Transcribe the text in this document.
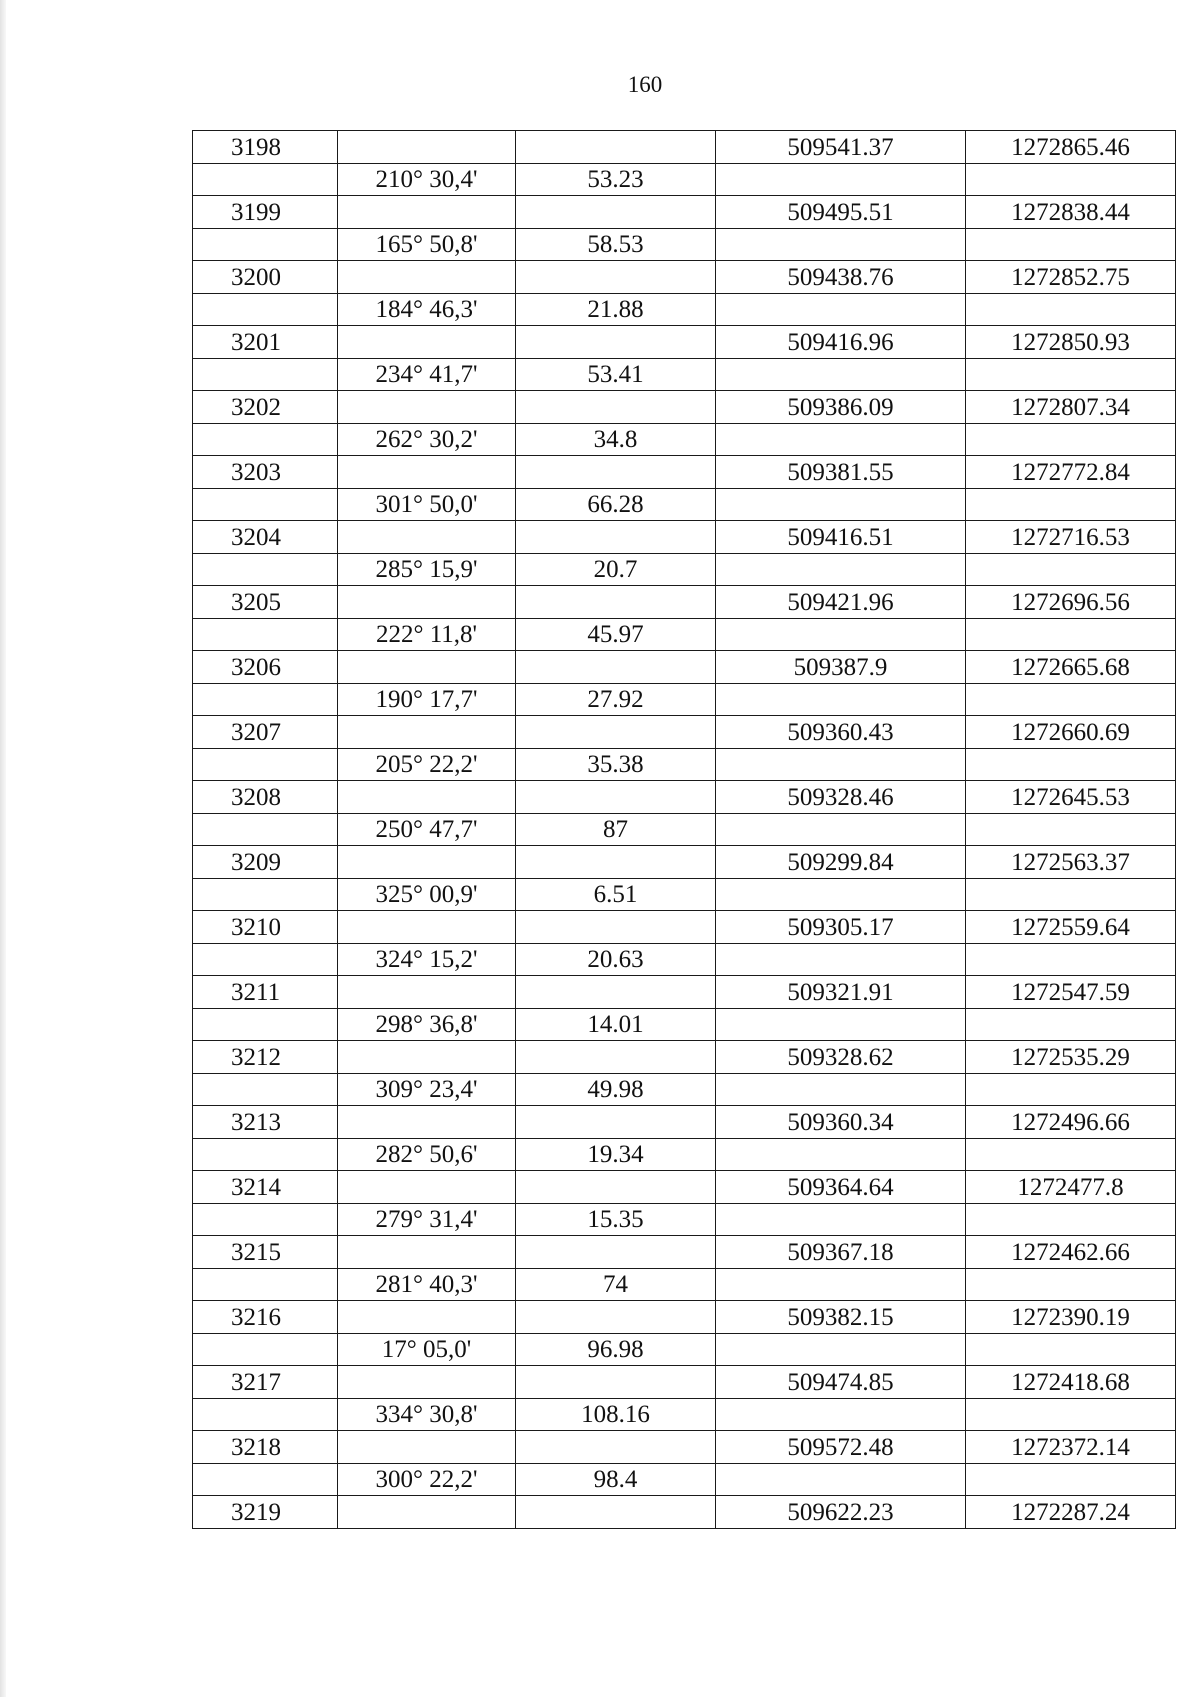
160
3198			509541.37	1272865.46
	210° 30,4'	53.23		
3199			509495.51	1272838.44
	165° 50,8'	58.53		
3200			509438.76	1272852.75
	184° 46,3'	21.88		
3201			509416.96	1272850.93
	234° 41,7'	53.41		
3202			509386.09	1272807.34
	262° 30,2'	34.8		
3203			509381.55	1272772.84
	301° 50,0'	66.28		
3204			509416.51	1272716.53
	285° 15,9'	20.7		
3205			509421.96	1272696.56
	222° 11,8'	45.97		
3206			509387.9	1272665.68
	190° 17,7'	27.92		
3207			509360.43	1272660.69
	205° 22,2'	35.38		
3208			509328.46	1272645.53
	250° 47,7'	87		
3209			509299.84	1272563.37
	325° 00,9'	6.51		
3210			509305.17	1272559.64
	324° 15,2'	20.63		
3211			509321.91	1272547.59
	298° 36,8'	14.01		
3212			509328.62	1272535.29
	309° 23,4'	49.98		
3213			509360.34	1272496.66
	282° 50,6'	19.34		
3214			509364.64	1272477.8
	279° 31,4'	15.35		
3215			509367.18	1272462.66
	281° 40,3'	74		
3216			509382.15	1272390.19
	17° 05,0'	96.98		
3217			509474.85	1272418.68
	334° 30,8'	108.16		
3218			509572.48	1272372.14
	300° 22,2'	98.4		
3219			509622.23	1272287.24
